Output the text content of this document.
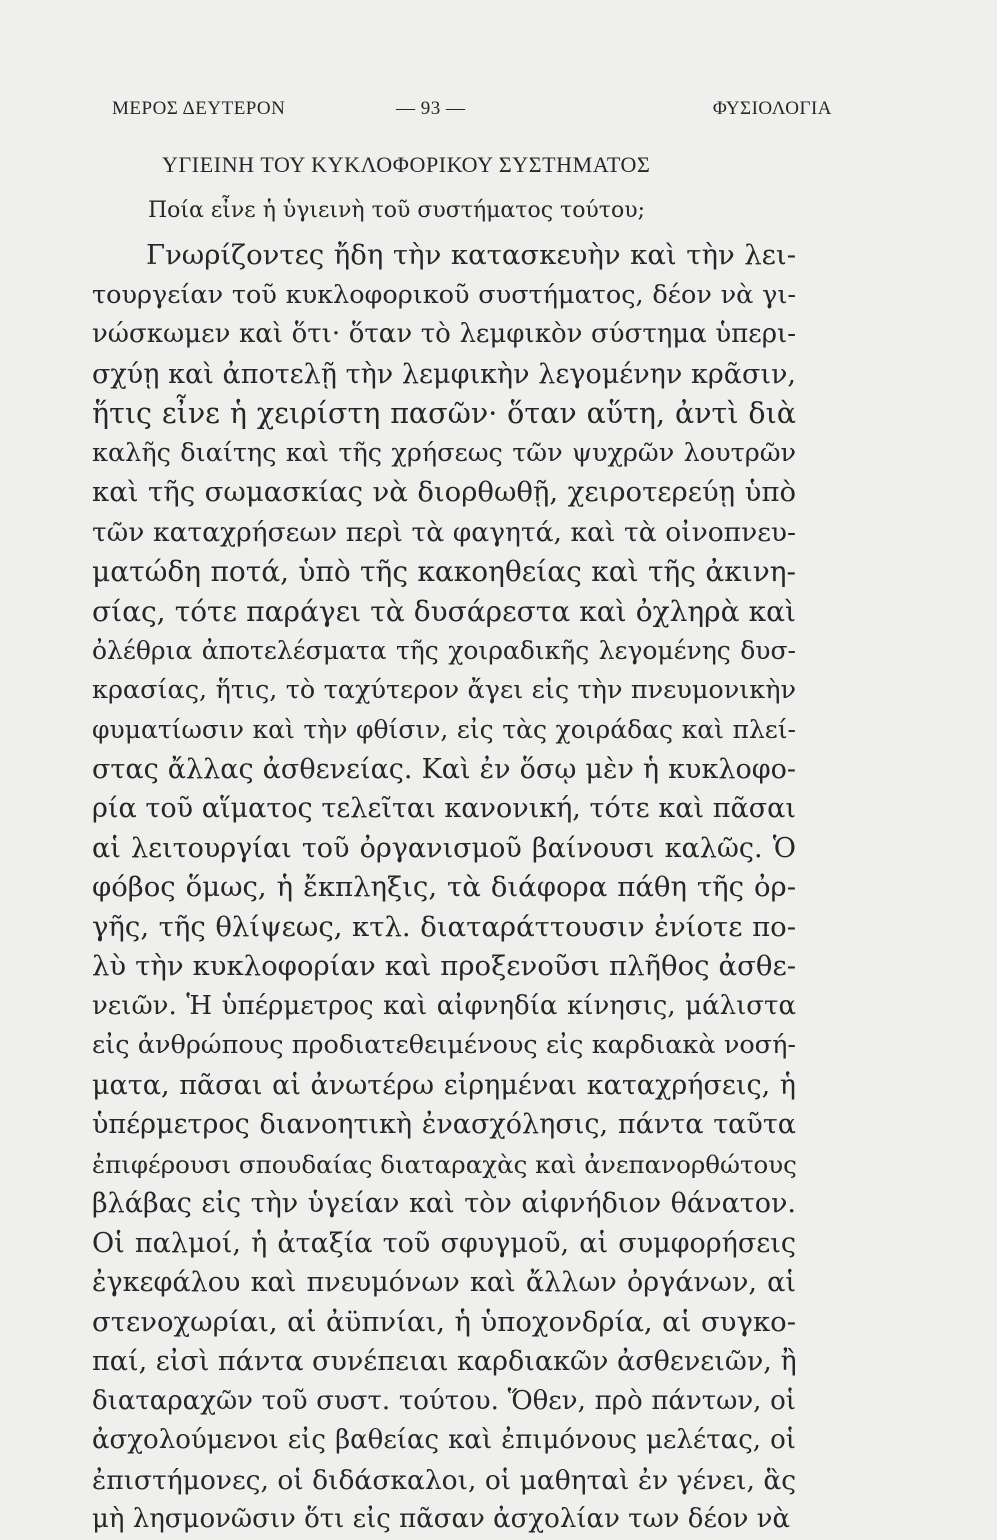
ΜΕΡΟΣ ΔΕΥΤΕΡΟΝ	— 93 —	ΦΥΣΙΟΛΟΓΙΑ
ΥΓΙΕΙΝΗ ΤΟΥ ΚΥΚΛΟΦΟΡΙΚΟΥ ΣΥΣΤΗΜΑΤΟΣ
Ποία εἶνε ἡ ὑγιεινὴ τοῦ συστήματος τούτου;
Γνωρίζοντες ἤδη τὴν κατασκευὴν καὶ τὴν λει-
τουργείαν τοῦ κυκλοφορικοῦ συστήματος, δέον νὰ γι-
νώσκωμεν καὶ ὅτι· ὅταν τὸ λεμφικὸν σύστημα ὑπερι-
σχύῃ καὶ ἀποτελῇ τὴν λεμφικὴν λεγομένην κρᾶσιν,
ἥτις εἶνε ἡ χειρίστη πασῶν· ὅταν αὕτη, ἀντὶ διὰ
καλῆς διαίτης καὶ τῆς χρήσεως τῶν ψυχρῶν λουτρῶν
καὶ τῆς σωμασκίας νὰ διορθωθῇ, χειροτερεύῃ ὑπὸ
τῶν καταχρήσεων περὶ τὰ φαγητά, καὶ τὰ οἰνοπνευ-
ματώδη ποτά, ὑπὸ τῆς κακοηθείας καὶ τῆς ἀκινη-
σίας, τότε παράγει τὰ δυσάρεστα καὶ ὀχληρὰ καὶ
ὀλέθρια ἀποτελέσματα τῆς χοιραδικῆς λεγομένης δυσ-
κρασίας, ἥτις, τὸ ταχύτερον ἄγει εἰς τὴν πνευμονικὴν
φυματίωσιν καὶ τὴν φθίσιν, εἰς τὰς χοιράδας καὶ πλεί-
στας ἄλλας ἀσθενείας. Καὶ ἐν ὅσῳ μὲν ἡ κυκλοφο-
ρία τοῦ αἵματος τελεῖται κανονική, τότε καὶ πᾶσαι
αἱ λειτουργίαι τοῦ ὀργανισμοῦ βαίνουσι καλῶς. Ὁ
φόβος ὅμως, ἡ ἔκπληξις, τὰ διάφορα πάθη τῆς ὀρ-
γῆς, τῆς θλίψεως, κτλ. διαταράττουσιν ἐνίοτε πο-
λὺ τὴν κυκλοφορίαν καὶ προξενοῦσι πλῆθος ἀσθε-
νειῶν. Ἡ ὑπέρμετρος καὶ αἰφνηδία κίνησις, μάλιστα
εἰς ἀνθρώπους προδιατεθειμένους εἰς καρδιακὰ νοσή-
ματα, πᾶσαι αἱ ἀνωτέρω εἰρημέναι καταχρήσεις, ἡ
ὑπέρμετρος διανοητικὴ ἐνασχόλησις, πάντα ταῦτα
ἐπιφέρουσι σπουδαίας διαταραχὰς καὶ ἀνεπανορθώτους
βλάβας εἰς τὴν ὑγείαν καὶ τὸν αἰφνήδιον θάνατον.
Οἱ παλμοί, ἡ ἀταξία τοῦ σφυγμοῦ, αἱ συμφορήσεις
ἐγκεφάλου καὶ πνευμόνων καὶ ἄλλων ὀργάνων, αἱ
στενοχωρίαι, αἱ ἀϋπνίαι, ἡ ὑποχονδρία, αἱ συγκο-
παί, εἰσὶ πάντα συνέπειαι καρδιακῶν ἀσθενειῶν, ἢ
διαταραχῶν τοῦ συστ. τούτου. Ὅθεν, πρὸ πάντων, οἱ
ἀσχολούμενοι εἰς βαθείας καὶ ἐπιμόνους μελέτας, οἱ
ἐπιστήμονες, οἱ διδάσκαλοι, οἱ μαθηταὶ ἐν γένει, ἃς
μὴ λησμονῶσιν ὅτι εἰς πᾶσαν ἀσχολίαν των δέον νὰ
